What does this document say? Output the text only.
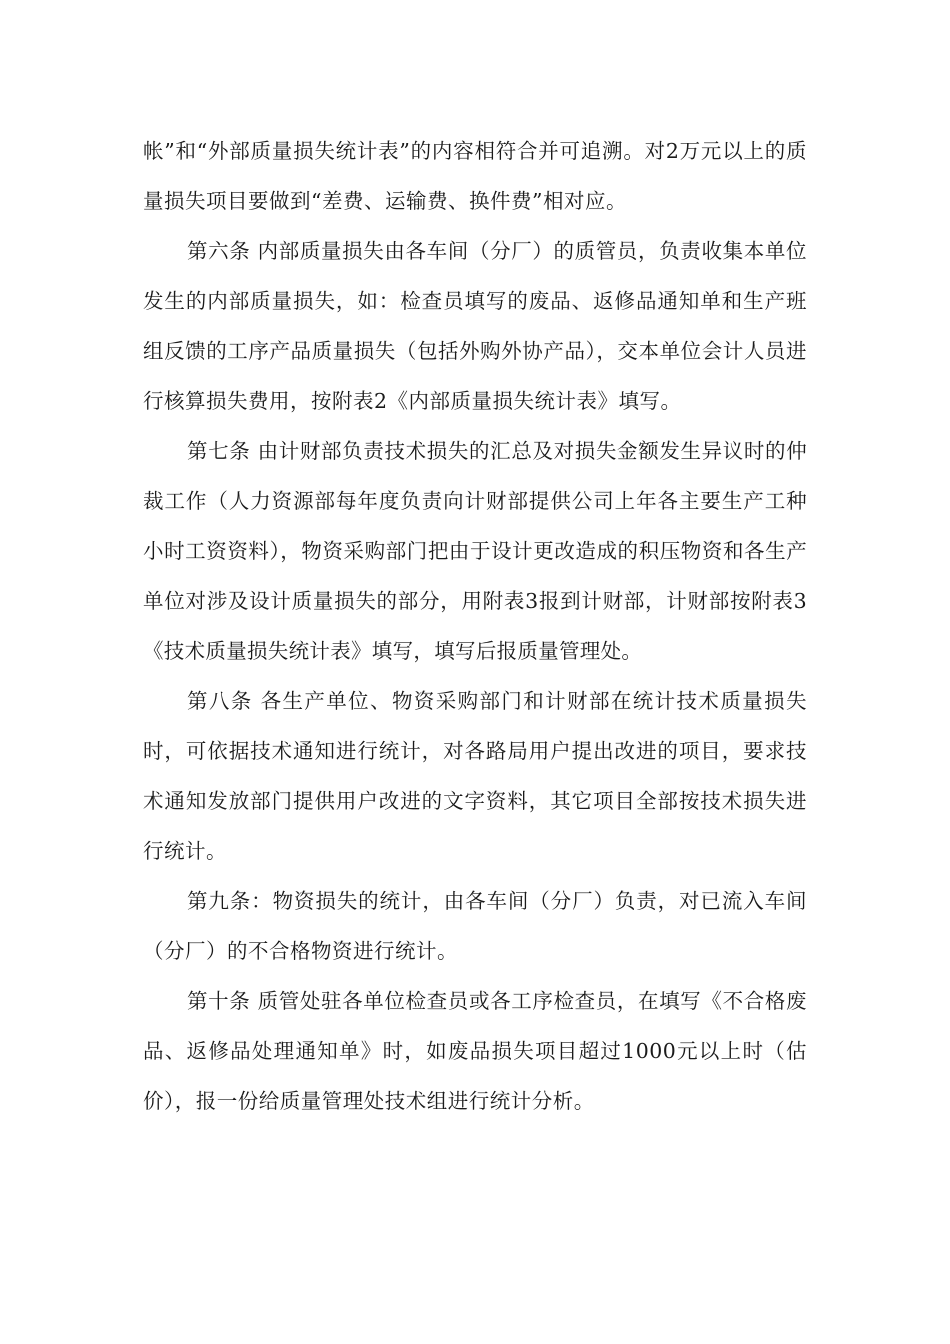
帐”和“外部质量损失统计表”的内容相符合并可追溯。对2万元以上的质量损失项目要做到“差费、运输费、换件费”相对应。

第六条 内部质量损失由各车间（分厂）的质管员，负责收集本单位发生的内部质量损失，如：检查员填写的废品、返修品通知单和生产班组反馈的工序产品质量损失（包括外购外协产品），交本单位会计人员进行核算损失费用，按附表2《内部质量损失统计表》填写。

第七条 由计财部负责技术损失的汇总及对损失金额发生异议时的仲裁工作（人力资源部每年度负责向计财部提供公司上年各主要生产工种小时工资资料），物资采购部门把由于设计更改造成的积压物资和各生产单位对涉及设计质量损失的部分，用附表3报到计财部，计财部按附表3《技术质量损失统计表》填写，填写后报质量管理处。

第八条 各生产单位、物资采购部门和计财部在统计技术质量损失时，可依据技术通知进行统计，对各路局用户提出改进的项目，要求技术通知发放部门提供用户改进的文字资料，其它项目全部按技术损失进行统计。

第九条：物资损失的统计，由各车间（分厂）负责，对已流入车间（分厂）的不合格物资进行统计。

第十条 质管处驻各单位检查员或各工序检查员，在填写《不合格废品、返修品处理通知单》时，如废品损失项目超过1000元以上时（估价），报一份给质量管理处技术组进行统计分析。
